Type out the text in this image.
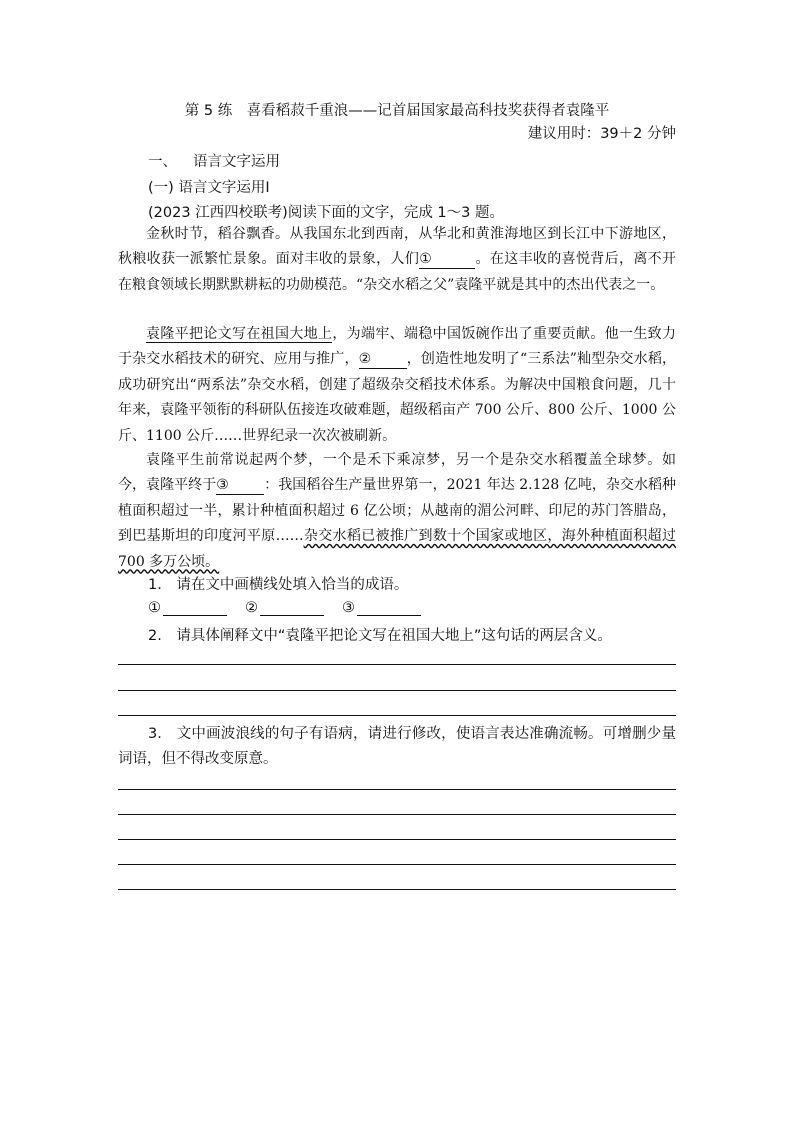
第 5 练　喜看稻菽千重浪——记首届国家最高科技奖获得者袁隆平
建议用时：39＋2 分钟
一、 语言文字运用
(一) 语言文字运用Ⅰ
(2023 江西四校联考)阅读下面的文字，完成 1～3 题。

金秋时节，稻谷飘香。从我国东北到西南，从华北和黄淮海地区到长江中下游地区，秋粮收获一派繁忙景象。面对丰收的景象，人们①	。在这丰收的喜悦背后，离不开在粮食领域长期默默耕耘的功勋模范。“杂交水稻之父”袁隆平就是其中的杰出代表之一。

袁隆平把论文写在祖国大地上，为端牢、端稳中国饭碗作出了重要贡献。他一生致力于杂交水稻技术的研究、应用与推广，②	，创造性地发明了“三系法”籼型杂交水稻，成功研究出“两系法”杂交水稻，创建了超级杂交稻技术体系。为解决中国粮食问题，几十年来，袁隆平领衔的科研队伍接连攻破难题，超级稻亩产 700 公斤、800 公斤、1000 公斤、1100 公斤……世界纪录一次次被刷新。

袁隆平生前常说起两个梦，一个是禾下乘凉梦，另一个是杂交水稻覆盖全球梦。如今，袁隆平终于③	：我国稻谷生产量世界第一，2021 年达 2.128 亿吨，杂交水稻种植面积超过一半，累计种植面积超过 6 亿公顷；从越南的湄公河畔、印尼的苏门答腊岛，到巴基斯坦的印度河平原……杂交水稻已被推广到数十个国家或地区，海外种植面积超过 700 多万公顷。

1.　请在文中画横线处填入恰当的成语。
①	②	③
2.　请具体阐释文中“袁隆平把论文写在祖国大地上”这句话的两层含义。
3.　文中画波浪线的句子有语病，请进行修改，使语言表达准确流畅。可增删少量词语，但不得改变原意。
